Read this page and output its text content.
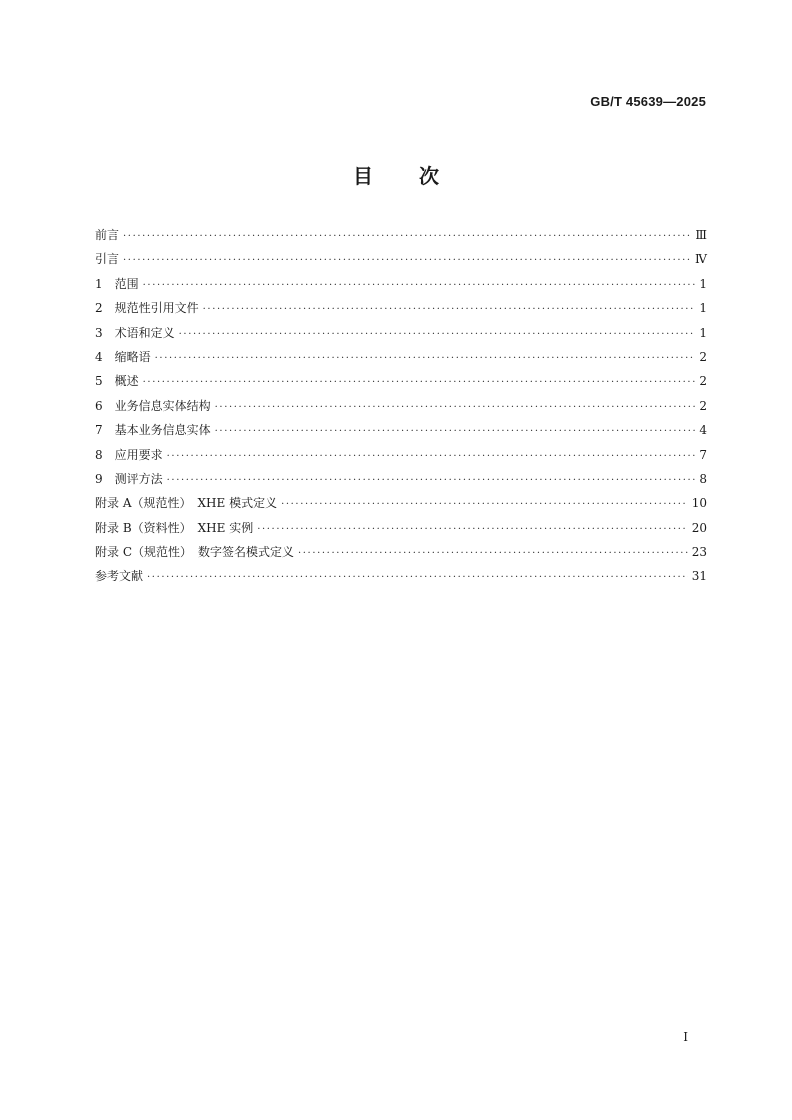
GB/T 45639—2025
目 次
前言 ·····	Ⅲ
引言 ·····	Ⅳ
1　范围 ·····	1
2　规范性引用文件 ·····	1
3　术语和定义 ·····	1
4　缩略语 ·····	2
5　概述 ·····	2
6　业务信息实体结构 ·····	2
7　基本业务信息实体 ·····	4
8　应用要求 ·····	7
9　测评方法 ·····	8
附录 A（规范性）　XHE 模式定义 ·····	10
附录 B（资料性）　XHE 实例 ·····	20
附录 C（规范性）　数字签名模式定义 ·····	23
参考文献 ·····	31
I
